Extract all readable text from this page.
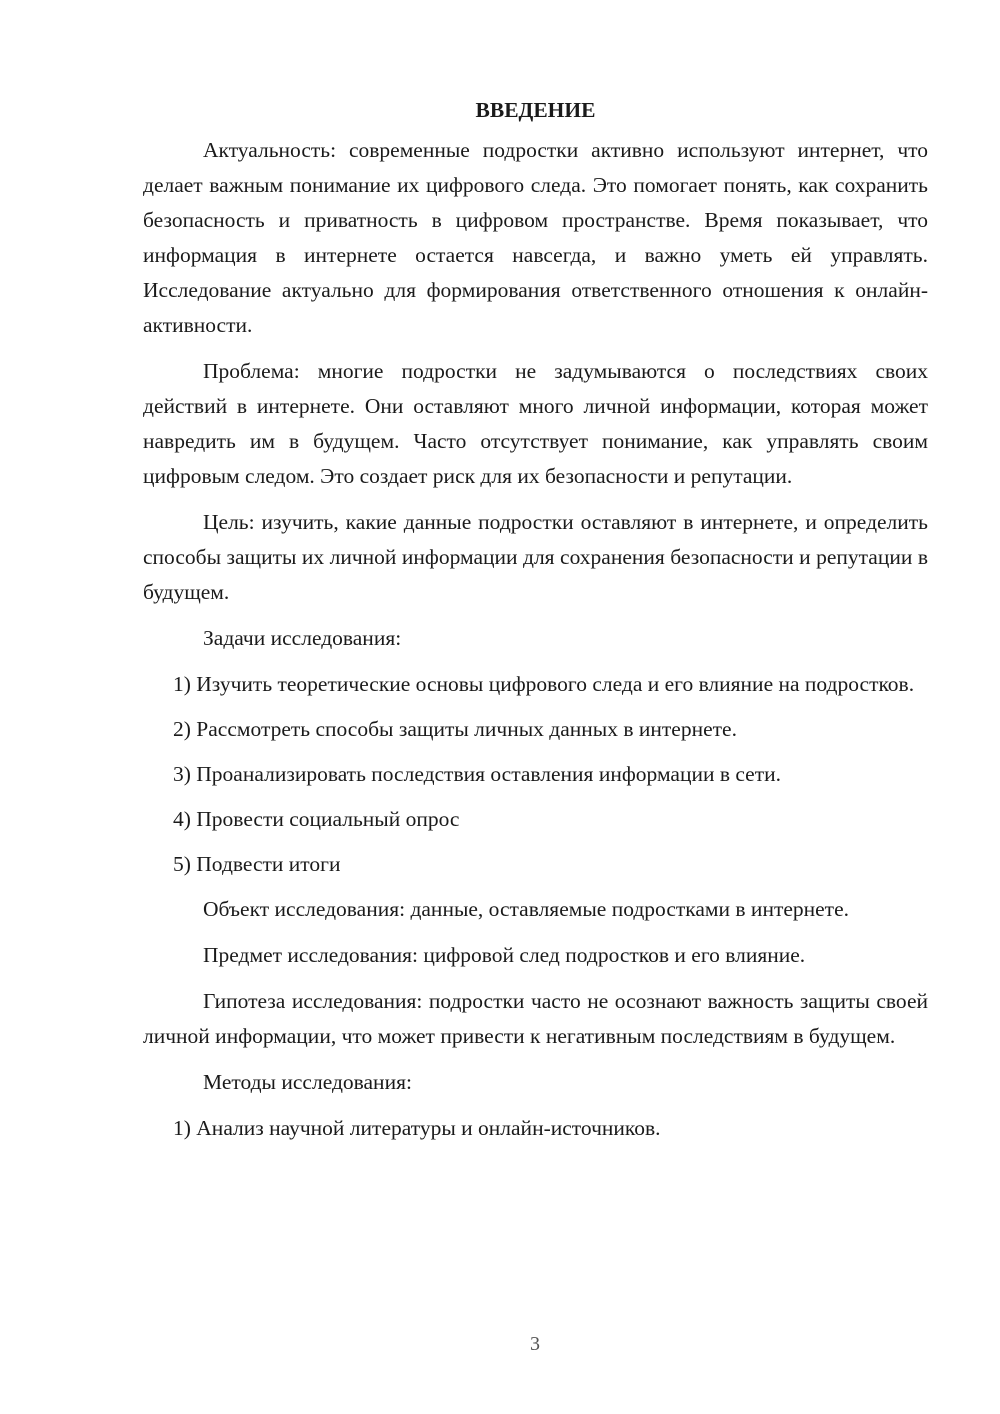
ВВЕДЕНИЕ

Актуальность: современные подростки активно используют интернет, что делает важным понимание их цифрового следа. Это помогает понять, как сохранить безопасность и приватность в цифровом пространстве. Время показывает, что информация в интернете остается навсегда, и важно уметь ей управлять. Исследование актуально для формирования ответственного отношения к онлайн-активности.

Проблема: многие подростки не задумываются о последствиях своих действий в интернете. Они оставляют много личной информации, которая может навредить им в будущем. Часто отсутствует понимание, как управлять своим цифровым следом. Это создает риск для их безопасности и репутации.

Цель: изучить, какие данные подростки оставляют в интернете, и определить способы защиты их личной информации для сохранения безопасности и репутации в будущем.

Задачи исследования:

1) Изучить теоретические основы цифрового следа и его влияние на подростков.

2) Рассмотреть способы защиты личных данных в интернете.

3) Проанализировать последствия оставления информации в сети.

4) Провести социальный опрос

5) Подвести итоги

Объект исследования: данные, оставляемые подростками в интернете.

Предмет исследования: цифровой след подростков и его влияние.

Гипотеза исследования: подростки часто не осознают важность защиты своей личной информации, что может привести к негативным последствиям в будущем.

Методы исследования:

1) Анализ научной литературы и онлайн-источников.

3
